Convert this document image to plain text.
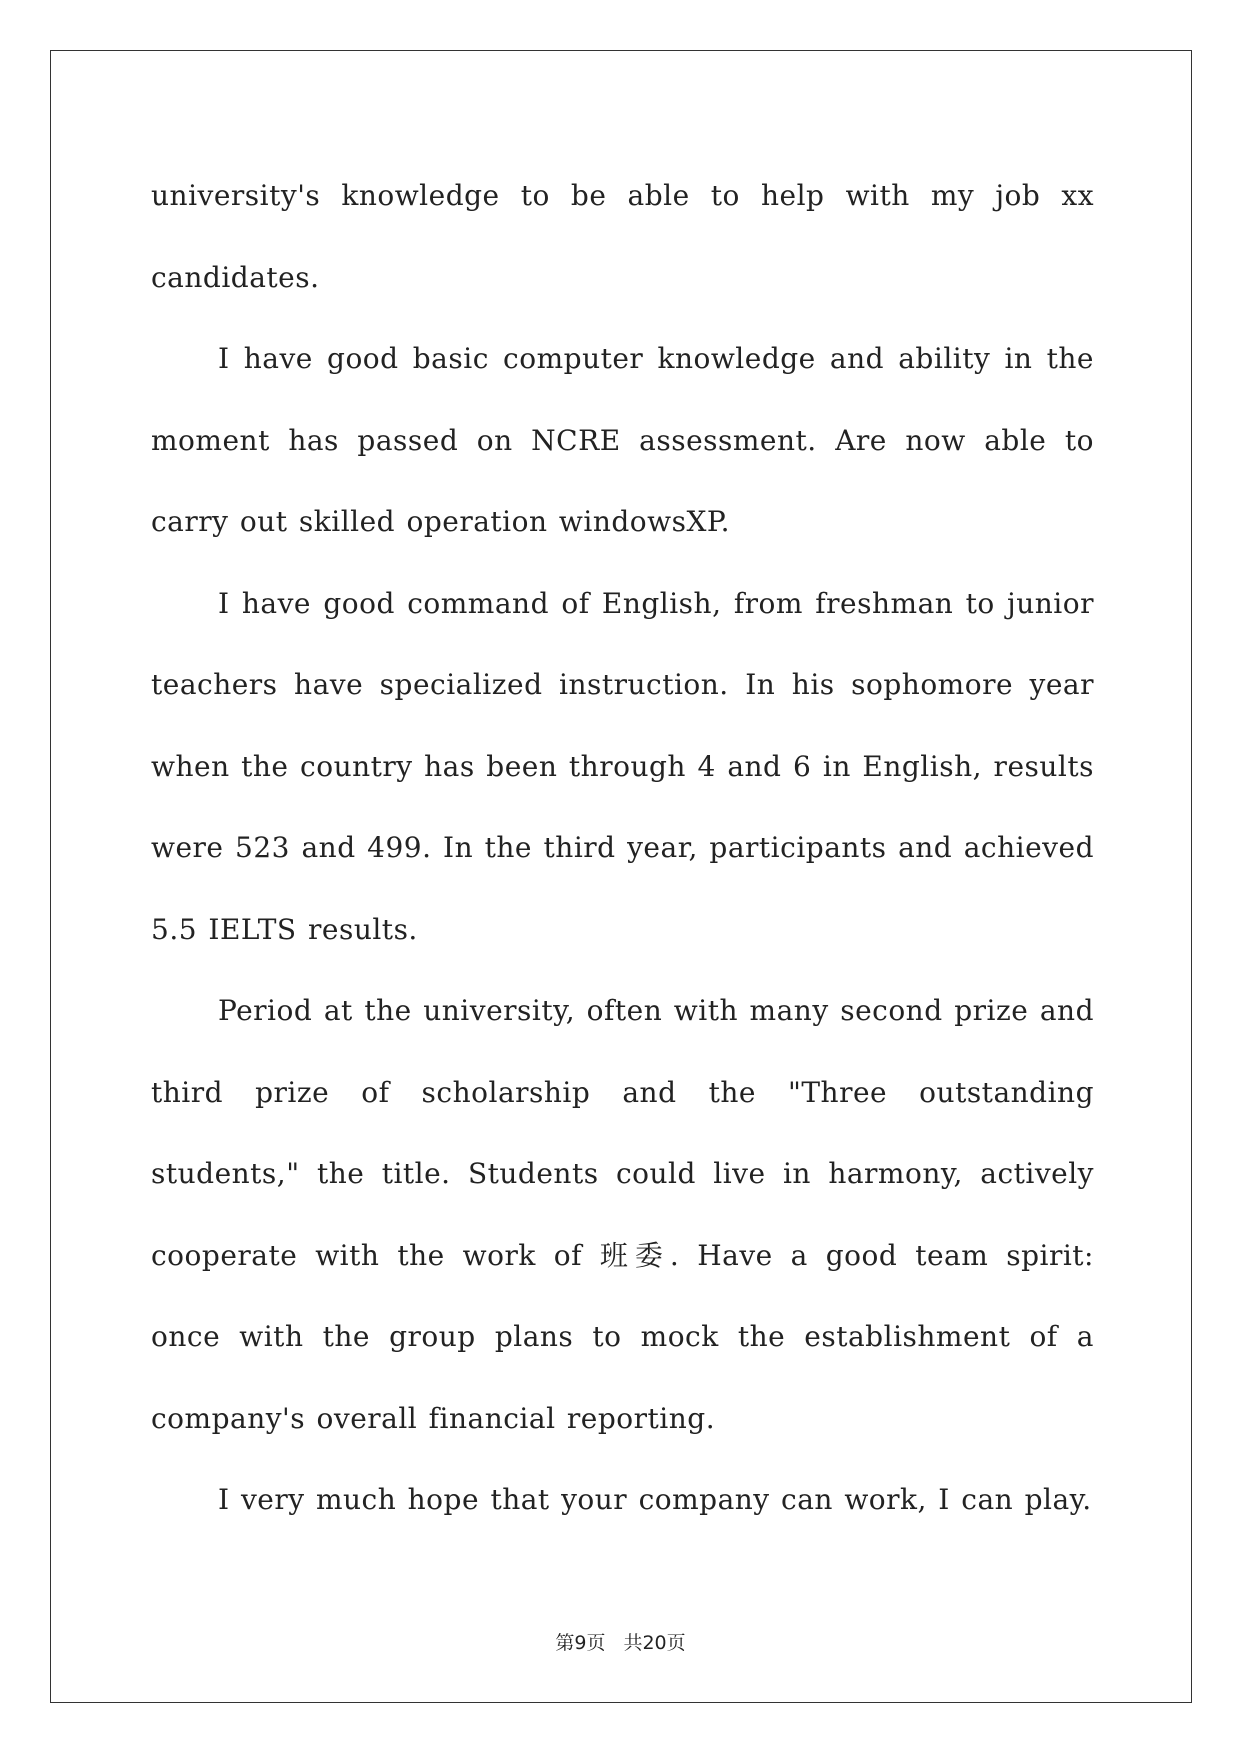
university's knowledge to be able to help with my job xx candidates.

I have good basic computer knowledge and ability in the moment has passed on NCRE assessment. Are now able to carry out skilled operation windowsXP.

I have good command of English, from freshman to junior teachers have specialized instruction. In his sophomore year when the country has been through 4 and 6 in English, results were 523 and 499. In the third year, participants and achieved 5.5 IELTS results.

Period at the university, often with many second prize and third prize of scholarship and the "Three outstanding students," the title. Students could live in harmony, actively cooperate with the work of 班委. Have a good team spirit: once with the group plans to mock the establishment of a company's overall financial reporting.

I very much hope that your company can work, I can play.

第9页 共20页
